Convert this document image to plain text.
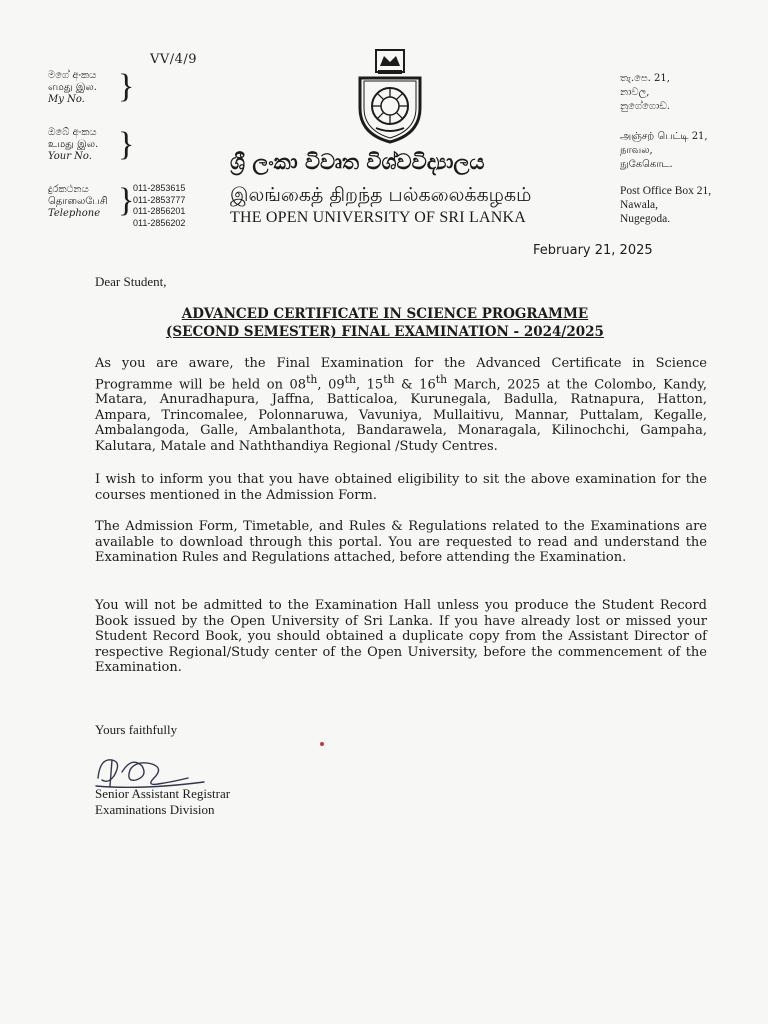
VV/4/9
මගේ අංකය
எமது இல.
My No. }
ඔබේ අංකය
உமது இல.
Your No. }
දුරකථනය
தொலைபேசி
Telephone }
011-2853615
011-2853777
011-2856201
011-2856202
ශ්‍රී ලංකා විවෘත විශ්වවිද්‍යාලය
இலங்கைத் திறந்த பல்கலைக்கழகம்
THE OPEN UNIVERSITY OF SRI LANKA
තැ.පෙ. 21,
නාවල,
නුගේගොඩ.
அஞ்சற் பெட்டி 21,
நாவல,
நுகேகொட.
Post Office Box 21,
Nawala,
Nugegoda.
February 21, 2025
Dear Student,
ADVANCED CERTIFICATE IN SCIENCE PROGRAMME
(SECOND SEMESTER) FINAL EXAMINATION - 2024/2025
As you are aware, the Final Examination for the Advanced Certificate in Science Programme will be held on 08th, 09th, 15th & 16th March, 2025 at the Colombo, Kandy, Matara, Anuradhapura, Jaffna, Batticaloa, Kurunegala, Badulla, Ratnapura, Hatton, Ampara, Trincomalee, Polonnaruwa, Vavuniya, Mullaitivu, Mannar, Puttalam, Kegalle, Ambalangoda, Galle, Ambalanthota, Bandarawela, Monaragala, Kilinochchi, Gampaha, Kalutara, Matale and Naththandiya Regional /Study Centres.
I wish to inform you that you have obtained eligibility to sit the above examination for the courses mentioned in the Admission Form.
The Admission Form, Timetable, and Rules & Regulations related to the Examinations are available to download through this portal. You are requested to read and understand the Examination Rules and Regulations attached, before attending the Examination.
You will not be admitted to the Examination Hall unless you produce the Student Record Book issued by the Open University of Sri Lanka. If you have already lost or missed your Student Record Book, you should obtained a duplicate copy from the Assistant Director of respective Regional/Study center of the Open University, before the commencement of the Examination.
Yours faithfully
Senior Assistant Registrar
Examinations Division
